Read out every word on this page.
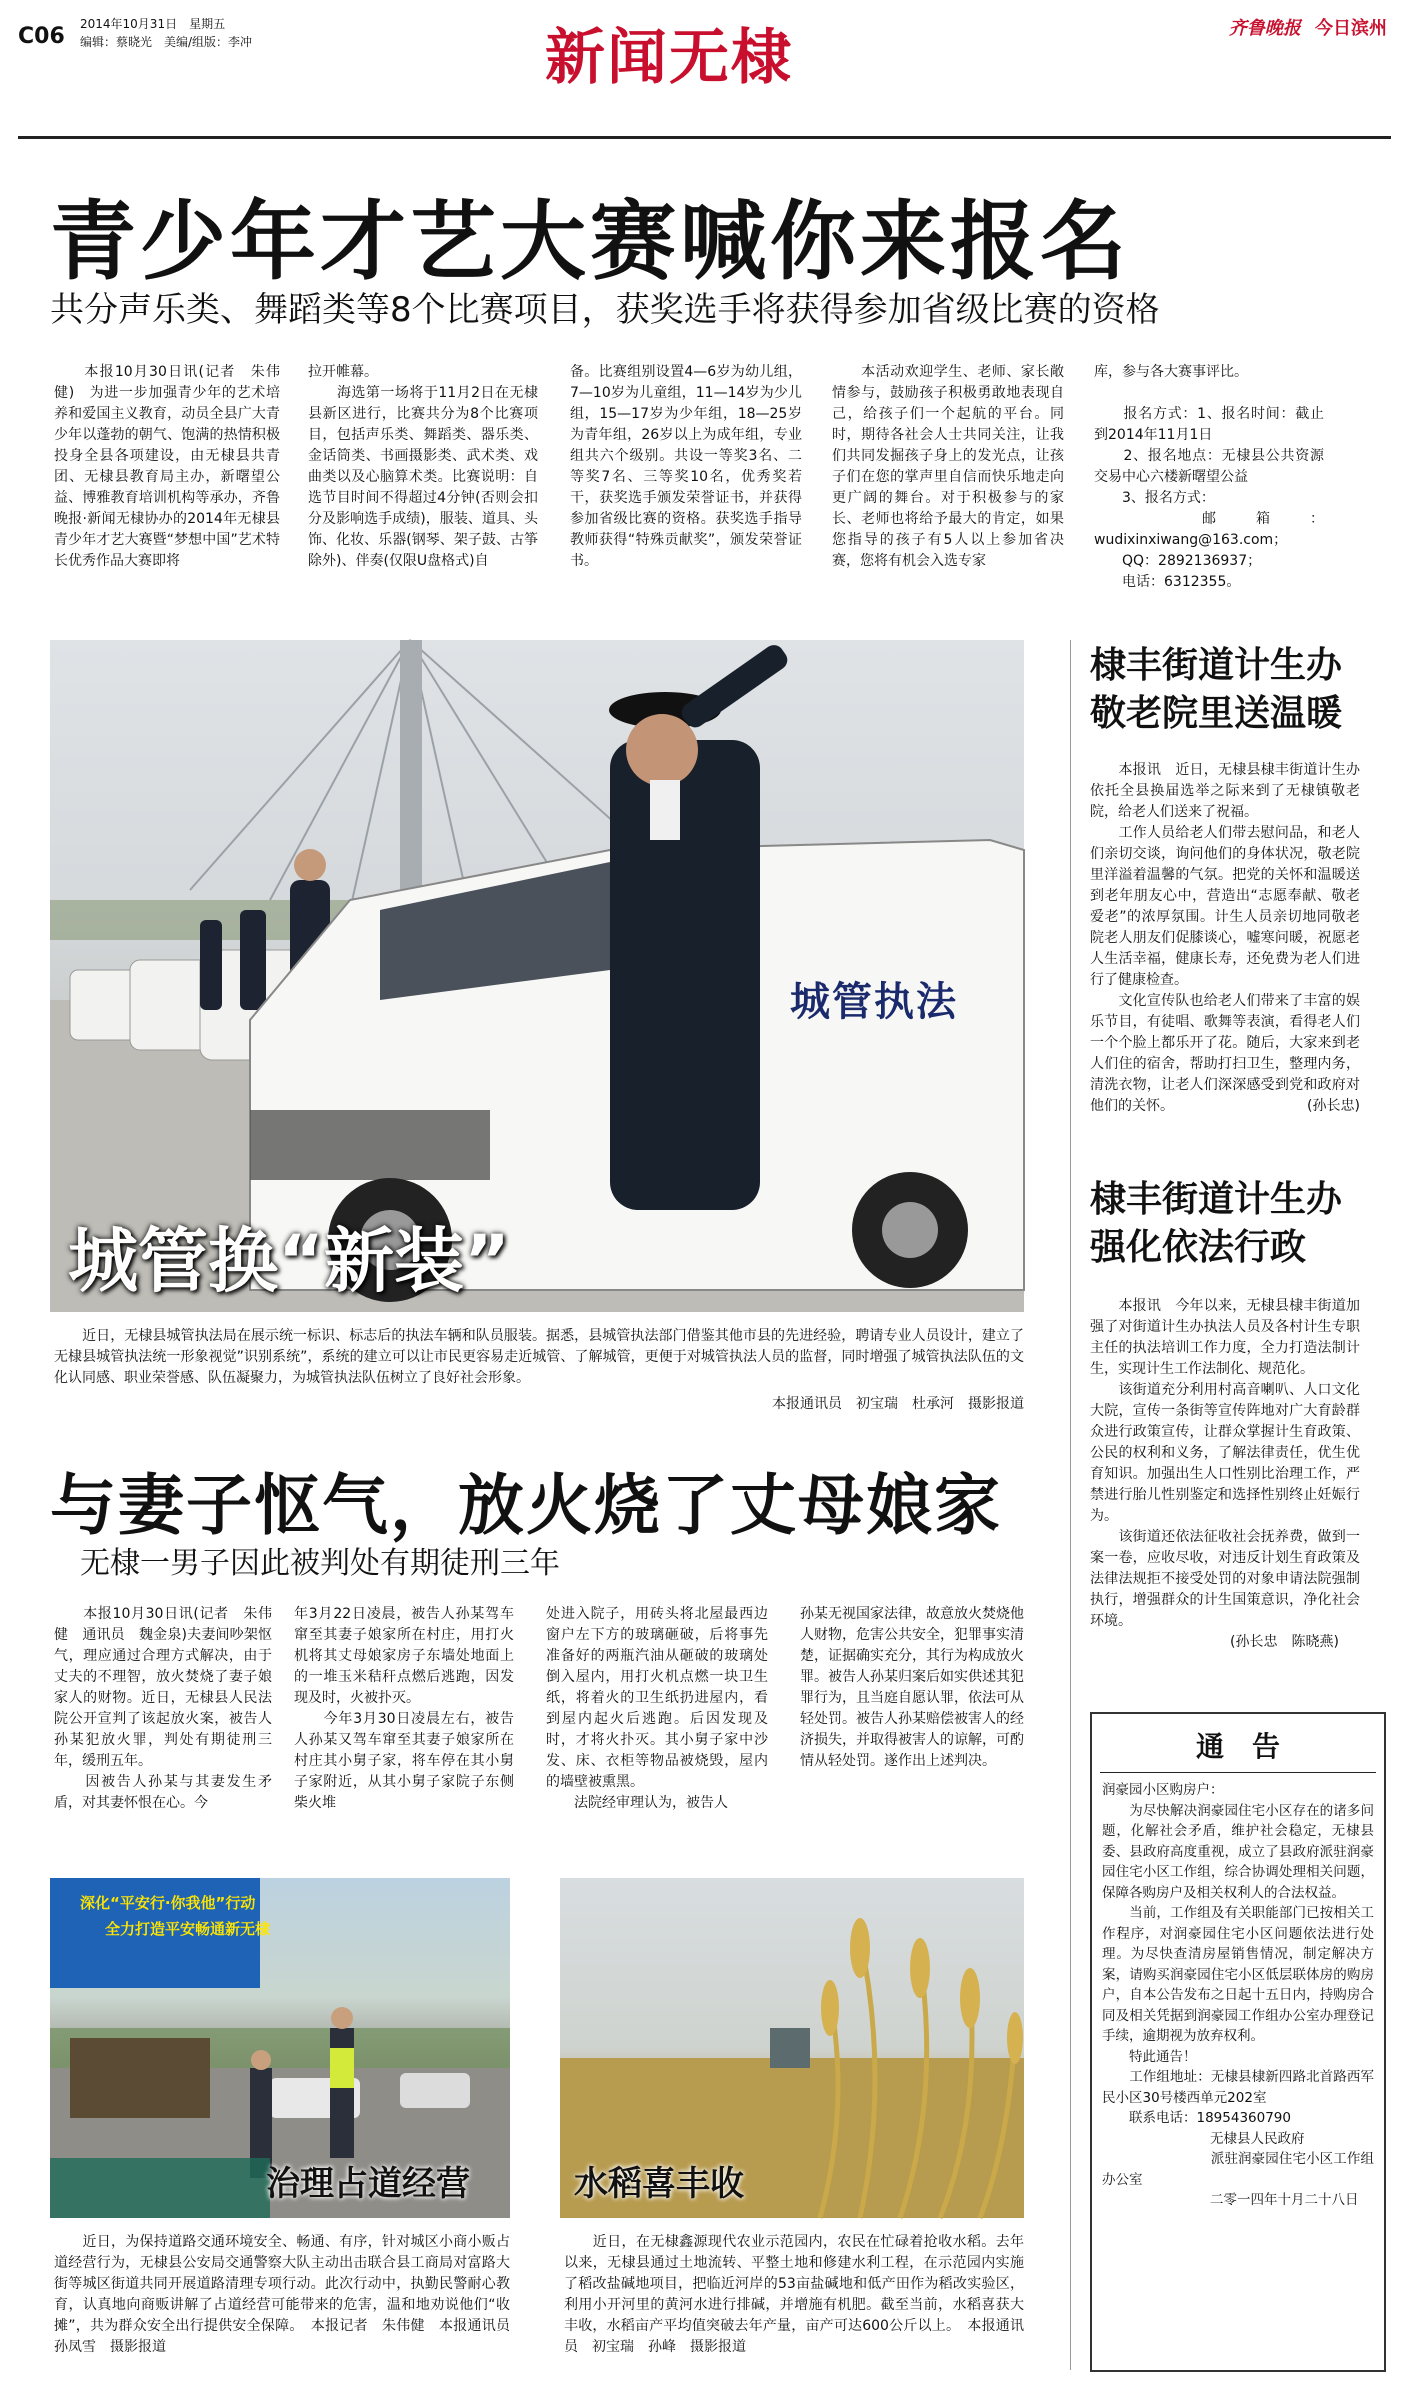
C06 2014年10月31日　星期五
编辑：蔡晓光　美编/组版：李冲	新闻无棣	齐鲁晚报 今日滨州
青少年才艺大赛喊你来报名
共分声乐类、舞蹈类等8个比赛项目，获奖选手将获得参加省级比赛的资格
　　本报10月30日讯(记者　朱伟健)　为进一步加强青少年的艺术培养和爱国主义教育，动员全县广大青少年以蓬勃的朝气、饱满的热情积极投身全县各项建设，由无棣县共青团、无棣县教育局主办，新曙望公益、博雅教育培训机构等承办，齐鲁晚报·新闻无棣协办的2014年无棣县青少年才艺大赛暨“梦想中国”艺术特长优秀作品大赛即将
拉开帷幕。
　　海选第一场将于11月2日在无棣县新区进行，比赛共分为8个比赛项目，包括声乐类、舞蹈类、器乐类、金话筒类、书画摄影类、武术类、戏曲类以及心脑算术类。比赛说明：自选节目时间不得超过4分钟(否则会扣分及影响选手成绩)，服装、道具、头饰、化妆、乐器(钢琴、架子鼓、古筝除外)、伴奏(仅限U盘格式)自
备。比赛组别设置4—6岁为幼儿组，7—10岁为儿童组，11—14岁为少儿组，15—17岁为少年组，18—25岁为青年组，26岁以上为成年组，专业组共六个级别。共设一等奖3名、二等奖7名、三等奖10名，优秀奖若干，获奖选手颁发荣誉证书，并获得参加省级比赛的资格。获奖选手指导教师获得“特殊贡献奖”，颁发荣誉证书。
　　本活动欢迎学生、老师、家长敞情参与，鼓励孩子积极勇敢地表现自己，给孩子们一个起航的平台。同时，期待各社会人士共同关注，让我们共同发掘孩子身上的发光点，让孩子们在您的掌声里自信而快乐地走向更广阔的舞台。对于积极参与的家长、老师也将给予最大的肯定，如果您指导的孩子有5人以上参加省决赛，您将有机会入选专家
库，参与各大赛事评比。

　　报名方式：1、报名时间：截止到2014年11月1日
　　2、报名地点：无棣县公共资源交易中心六楼新曙望公益
　　3、报名方式：
　　邮箱：wudixinxiwang@163.com；
　　QQ：2892136937；
　　电话：6312355。
城管执法
城管换“新装”
　　近日，无棣县城管执法局在展示统一标识、标志后的执法车辆和队员服装。据悉，县城管执法部门借鉴其他市县的先进经验，聘请专业人员设计，建立了无棣县城管执法统一形象视觉”识别系统”，系统的建立可以让市民更容易走近城管、了解城管，更便于对城管执法人员的监督，同时增强了城管执法队伍的文化认同感、职业荣誉感、队伍凝聚力，为城管执法队伍树立了良好社会形象。
本报通讯员　初宝瑞　杜承河　摄影报道
棣丰街道计生办
敬老院里送温暖
　　本报讯　近日，无棣县棣丰街道计生办依托全县换届选举之际来到了无棣镇敬老院，给老人们送来了祝福。
　　工作人员给老人们带去慰问品，和老人们亲切交谈，询问他们的身体状况，敬老院里洋溢着温馨的气氛。把党的关怀和温暖送到老年朋友心中，营造出“志愿奉献、敬老爱老”的浓厚氛围。计生人员亲切地同敬老院老人朋友们促膝谈心，嘘寒问暖，祝愿老人生活幸福，健康长寿，还免费为老人们进行了健康检查。
　　文化宣传队也给老人们带来了丰富的娱乐节目，有徒唱、歌舞等表演，看得老人们一个个脸上都乐开了花。随后，大家来到老人们住的宿舍，帮助打扫卫生，整理内务，清洗衣物，让老人们深深感受到党和政府对他们的关怀。　　　　　　　　　　(孙长忠)
棣丰街道计生办
强化依法行政
　　本报讯　今年以来，无棣县棣丰街道加强了对街道计生办执法人员及各村计生专职主任的执法培训工作力度，全力打造法制计生，实现计生工作法制化、规范化。
　　该街道充分利用村高音喇叭、人口文化大院，宣传一条街等宣传阵地对广大育龄群众进行政策宣传，让群众掌握计生育政策、公民的权利和义务，了解法律责任，优生优育知识。加强出生人口性别比治理工作，严禁进行胎儿性别鉴定和选择性别终止妊娠行为。
　　该街道还依法征收社会抚养费，做到一案一卷，应收尽收，对违反计划生育政策及法律法规拒不接受处罚的对象申请法院强制执行，增强群众的计生国策意识，净化社会环境。
　　　　　　　　　　(孙长忠　陈晓燕)
通　告
润豪园小区购房户：
　　为尽快解决润豪园住宅小区存在的诸多问题，化解社会矛盾，维护社会稳定，无棣县委、县政府高度重视，成立了县政府派驻润豪园住宅小区工作组，综合协调处理相关问题，保障各购房户及相关权利人的合法权益。
　　当前，工作组及有关职能部门已按相关工作程序，对润豪园住宅小区问题依法进行处理。为尽快查清房屋销售情况，制定解决方案，请购买润豪园住宅小区低层联体房的购房户，自本公告发布之日起十五日内，持购房合同及相关凭据到润豪园工作组办公室办理登记手续，逾期视为放弃权利。
　　特此通告！
　　工作组地址：无棣县棣新四路北首路西军民小区30号楼西单元202室
　　联系电话：18954360790
　　　　　　　　无棣县人民政府
　　　　　　　　派驻润豪园住宅小区工作组办公室
　　　　　　　　二零一四年十月二十八日
与妻子怄气，放火烧了丈母娘家
无棣一男子因此被判处有期徒刑三年
　　本报10月30日讯(记者　朱伟健　通讯员　魏金泉)夫妻间吵架怄气，理应通过合理方式解决，由于丈夫的不理智，放火焚烧了妻子娘家人的财物。近日，无棣县人民法院公开宣判了该起放火案，被告人孙某犯放火罪，判处有期徒刑三年，缓刑五年。
　　因被告人孙某与其妻发生矛盾，对其妻怀恨在心。今
年3月22日凌晨，被告人孙某驾车窜至其妻子娘家所在村庄，用打火机将其丈母娘家房子东墙处地面上的一堆玉米秸秆点燃后逃跑，因发现及时，火被扑灭。
　　今年3月30日凌晨左右，被告人孙某又驾车窜至其妻子娘家所在村庄其小舅子家，将车停在其小舅子家附近，从其小舅子家院子东侧柴火堆
处进入院子，用砖头将北屋最西边窗户左下方的玻璃砸破，后将事先准备好的两瓶汽油从砸破的玻璃处倒入屋内，用打火机点燃一块卫生纸，将着火的卫生纸扔进屋内，看到屋内起火后逃跑。后因发现及时，才将火扑灭。其小舅子家中沙发、床、衣柜等物品被烧毁，屋内的墙壁被熏黑。
　　法院经审理认为，被告人
孙某无视国家法律，故意放火焚烧他人财物，危害公共安全，犯罪事实清楚，证据确实充分，其行为构成放火罪。被告人孙某归案后如实供述其犯罪行为，且当庭自愿认罪，依法可从轻处罚。被告人孙某赔偿被害人的经济损失，并取得被害人的谅解，可酌情从轻处罚。遂作出上述判决。
深化“平安行·你我他”行动
全力打造平安畅通新无棣
治理占道经营
　　近日，为保持道路交通环境安全、畅通、有序，针对城区小商小贩占道经营行为，无棣县公安局交通警察大队主动出击联合县工商局对富路大街等城区街道共同开展道路清理专项行动。此次行动中，执勤民警耐心教育，认真地向商贩讲解了占道经营可能带来的危害，温和地劝说他们“收摊”，共为群众安全出行提供安全保障。　本报记者　朱伟健　本报通讯员　孙凤雪　摄影报道
水稻喜丰收
　　近日，在无棣鑫源现代农业示范园内，农民在忙碌着抢收水稻。去年以来，无棣县通过土地流转、平整土地和修建水利工程，在示范园内实施了稻改盐碱地项目，把临近河岸的53亩盐碱地和低产田作为稻改实验区，利用小开河里的黄河水进行排碱，并增施有机肥。截至当前，水稻喜获大丰收，水稻亩产平均值突破去年产量，亩产可达600公斤以上。　本报通讯员　初宝瑞　孙峰　摄影报道
